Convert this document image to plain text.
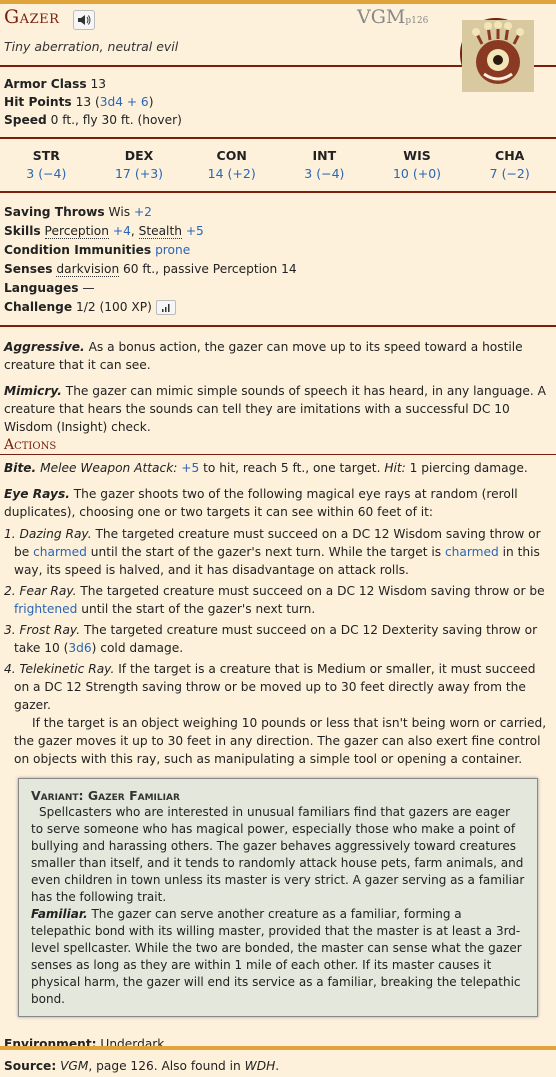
Gazer	VGMp126
Tiny aberration, neutral evil
Armor Class 13
Hit Points 13 (3d4 + 6)
Speed 0 ft., fly 30 ft. (hover)
STR
3 (−4)
DEX
17 (+3)
CON
14 (+2)
INT
3 (−4)
WIS
10 (+0)
CHA
7 (−2)
Saving Throws Wis +2
Skills Perception +4, Stealth +5
Condition Immunities prone
Senses darkvision 60 ft., passive Perception 14
Languages —
Challenge 1/2 (100 XP)
Aggressive. As a bonus action, the gazer can move up to its speed toward a hostile creature that it can see.
Mimicry. The gazer can mimic simple sounds of speech it has heard, in any language. A creature that hears the sounds can tell they are imitations with a successful DC 10 Wisdom (Insight) check.
Actions
Bite. Melee Weapon Attack: +5 to hit, reach 5 ft., one target. Hit: 1 piercing damage.
Eye Rays. The gazer shoots two of the following magical eye rays at random (reroll duplicates), choosing one or two targets it can see within 60 feet of it:
1. Dazing Ray. The targeted creature must succeed on a DC 12 Wisdom saving throw or be charmed until the start of the gazer's next turn. While the target is charmed in this way, its speed is halved, and it has disadvantage on attack rolls.
2. Fear Ray. The targeted creature must succeed on a DC 12 Wisdom saving throw or be frightened until the start of the gazer's next turn.
3. Frost Ray. The targeted creature must succeed on a DC 12 Dexterity saving throw or take 10 (3d6) cold damage.
4. Telekinetic Ray. If the target is a creature that is Medium or smaller, it must succeed on a DC 12 Strength saving throw or be moved up to 30 feet directly away from the gazer.
If the target is an object weighing 10 pounds or less that isn't being worn or carried, the gazer moves it up to 30 feet in any direction. The gazer can also exert fine control on objects with this ray, such as manipulating a simple tool or opening a container.
Variant: Gazer Familiar
Spellcasters who are interested in unusual familiars find that gazers are eager to serve someone who has magical power, especially those who make a point of bullying and harassing others. The gazer behaves aggressively toward creatures smaller than itself, and it tends to randomly attack house pets, farm animals, and even children in town unless its master is very strict. A gazer serving as a familiar has the following trait.
Familiar. The gazer can serve another creature as a familiar, forming a telepathic bond with its willing master, provided that the master is at least a 3rd-level spellcaster. While the two are bonded, the master can sense what the gazer senses as long as they are within 1 mile of each other. If its master causes it physical harm, the gazer will end its service as a familiar, breaking the telepathic bond.
Environment: Underdark
Source: VGM, page 126. Also found in WDH.
